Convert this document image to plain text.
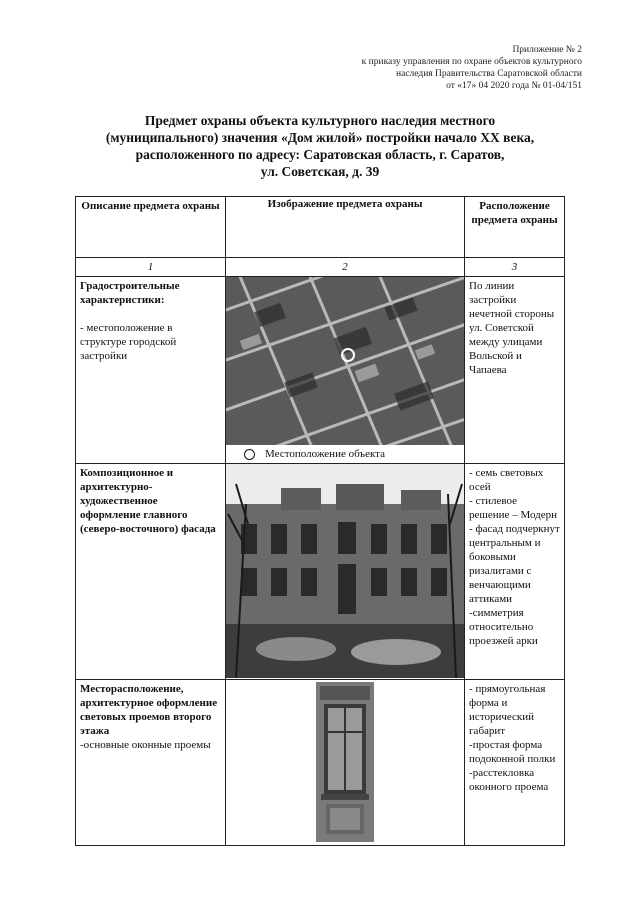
Приложение № 2
к приказу управления по охране объектов культурного
наследия Правительства Саратовской области
от «17» 04 2020 года № 01-04/151
Предмет охраны объекта культурного наследия местного
(муниципального) значения «Дом жилой» постройки начало XX века,
расположенного по адресу: Саратовская область, г. Саратов,
ул. Советская, д. 39
Описание предмета охраны	Изображение предмета охраны	Расположение предмета охраны
1	2	3

Градостроительные характеристики:
- местоположение в структуре городской застройки	Местоположение объекта	По линии застройки нечетной стороны ул. Советской между улицами Вольской и Чапаева

Композиционное и архитектурно-художественное оформление главного (северо-восточного) фасада		- семь световых осей
- стилевое решение – Модерн
- фасад подчеркнут центральным и боковыми ризалитами с венчающими аттиками
-симметрия относительно проезжей арки

Месторасположение, архитектурное оформление световых проемов второго этажа
-основные оконные проемы		- прямоугольная форма и исторический габарит
-простая форма подоконной полки
-расстекловка оконного проема
